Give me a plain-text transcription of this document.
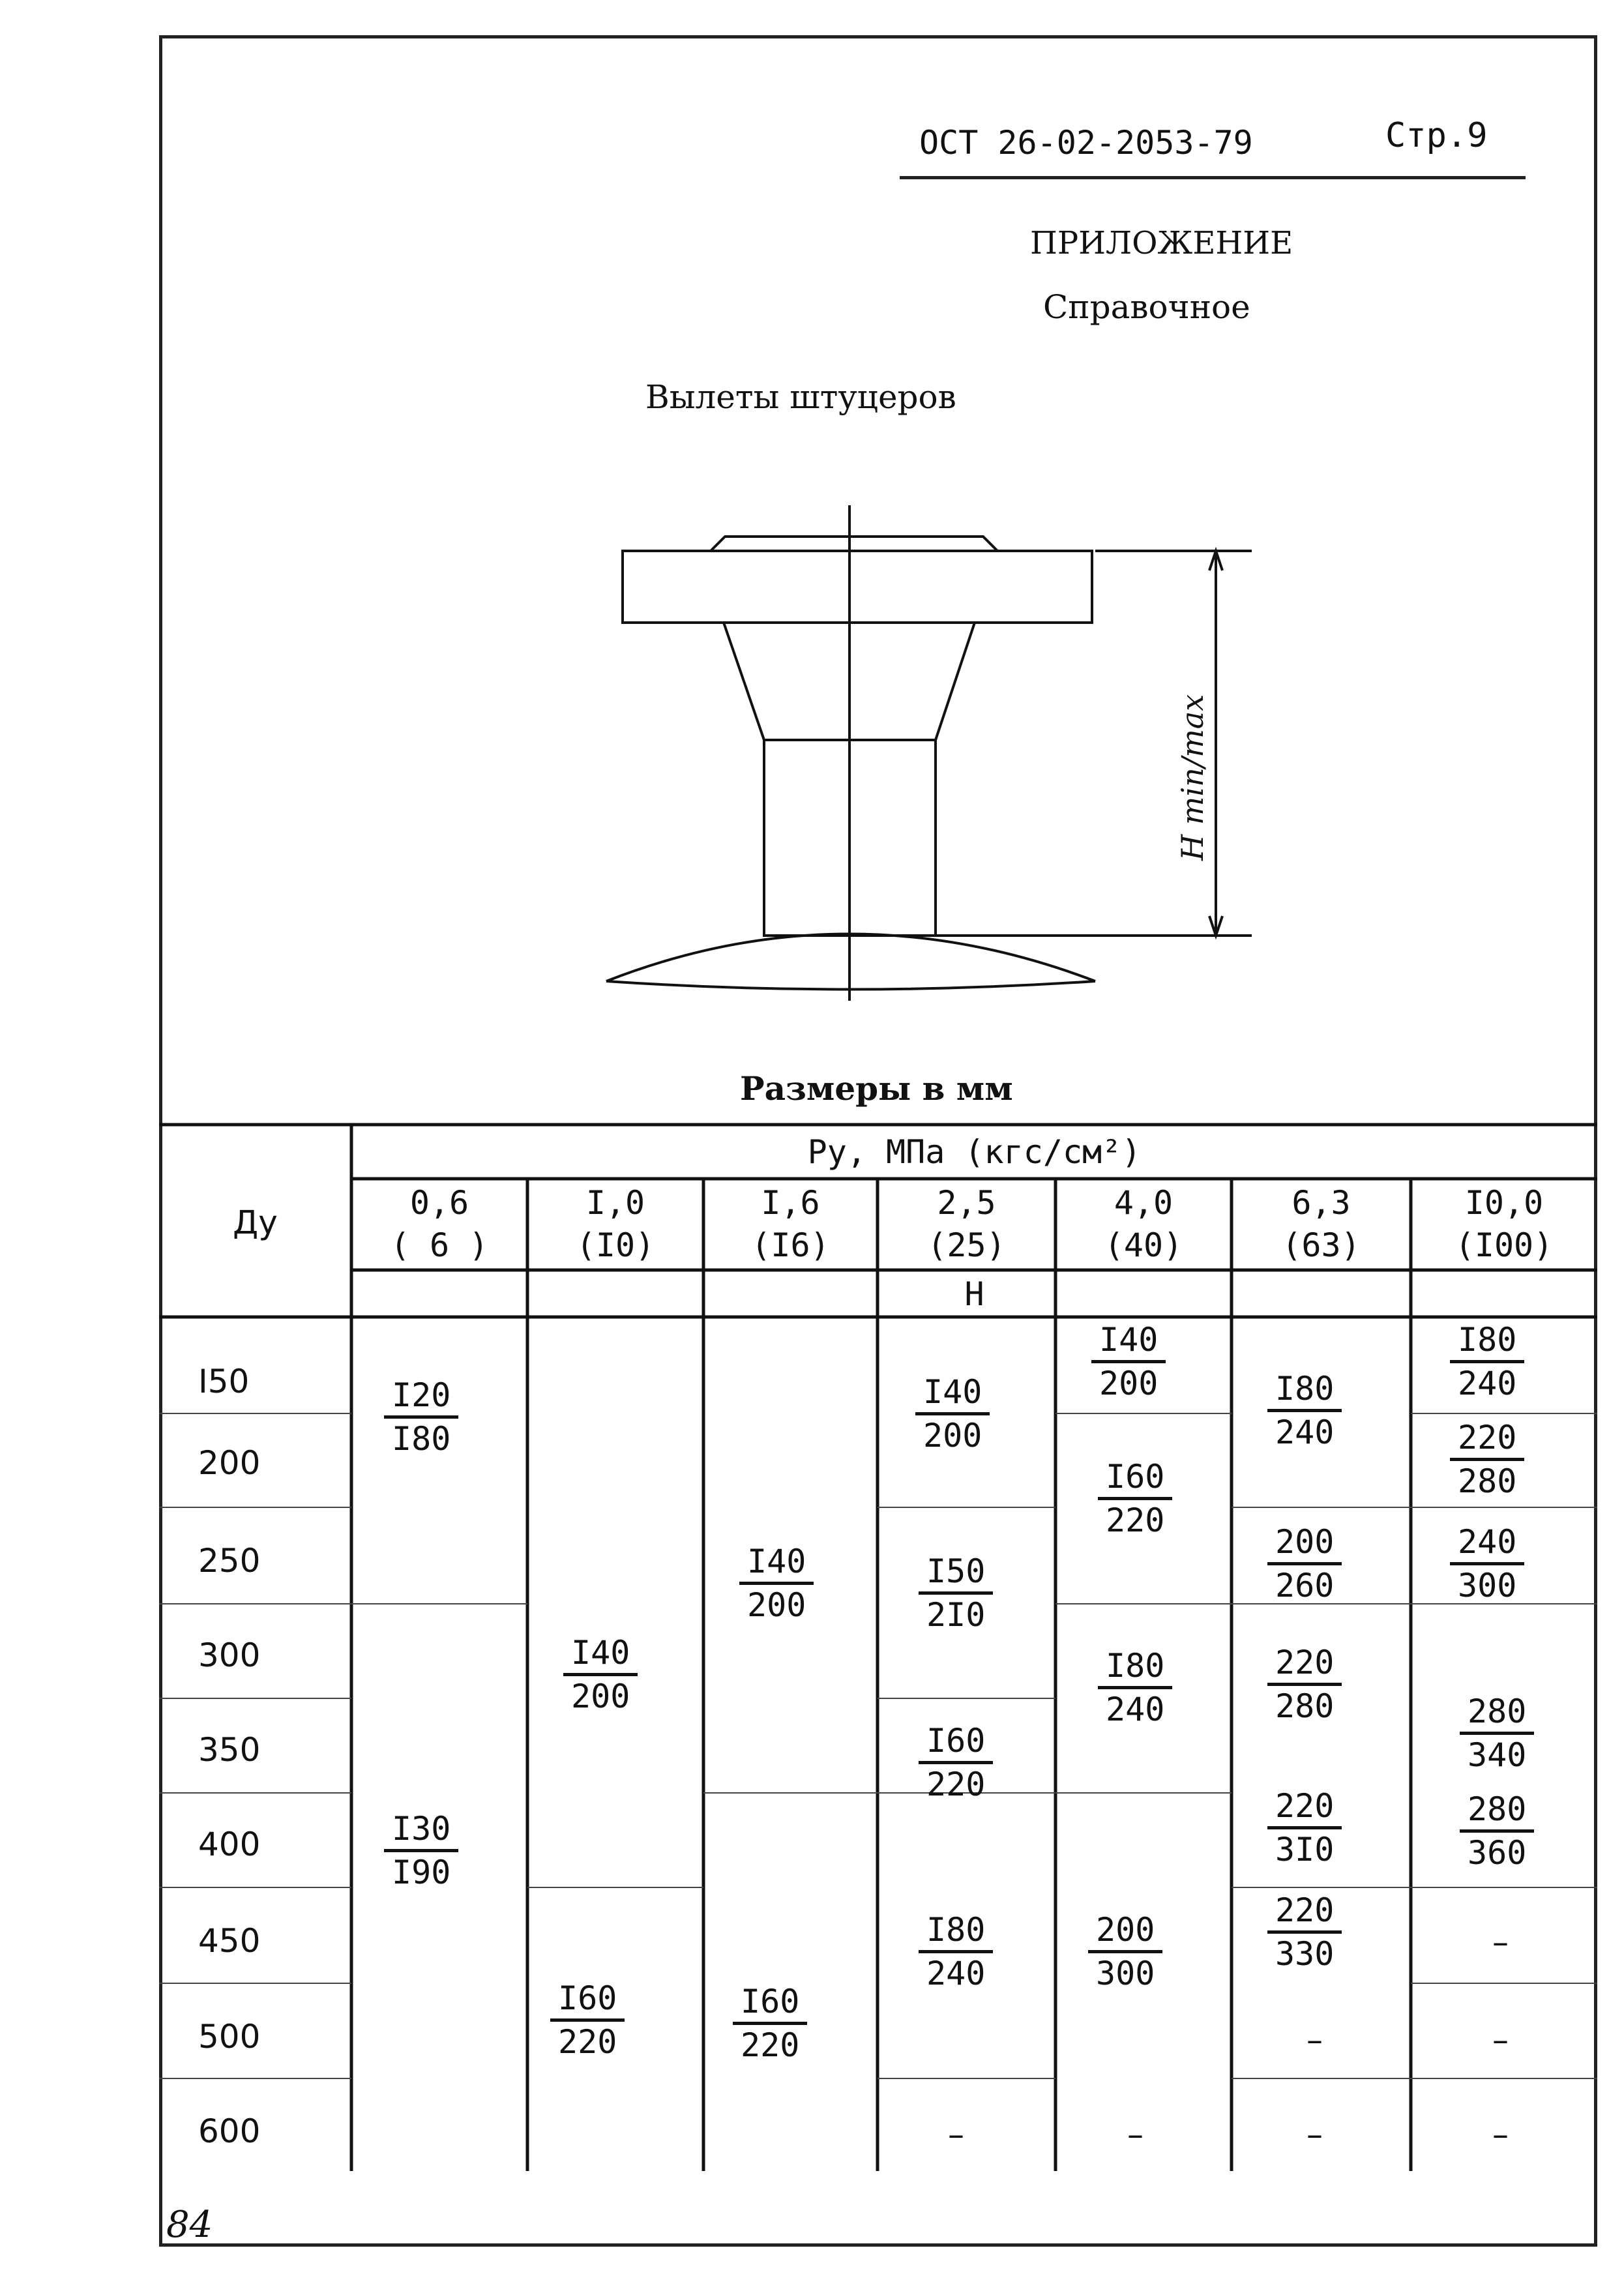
ОСТ 26-02-2053-79	Стр.9
ПРИЛОЖЕНИЕ
Справочное
Вылеты штуцеров
H min/max
Размеры в мм
Ду
Py, МПа (кгс/см²)
Н
0,6
( 6 )
I,0
(I0)
I,6
(I6)
2,5
(25)
4,0
(40)
6,3
(63)
I0,0
(I00)
I50
200
250
300
350
400
450
500
600
$\frac{I20}{I80}$
$\frac{I30}{I90}$
$\frac{I40}{200}$
$\frac{I60}{220}$
$\frac{I40}{200}$
$\frac{I60}{220}$
$\frac{I40}{200}$
$\frac{I50}{2I0}$
$\frac{I60}{220}$
$\frac{I80}{240}$
$\frac{I40}{200}$
$\frac{I60}{220}$
$\frac{I80}{240}$
$\frac{200}{300}$
$\frac{I80}{240}$
$\frac{200}{260}$
$\frac{220}{280}$
$\frac{220}{3I0}$
$\frac{220}{330}$
$\frac{I80}{240}$
$\frac{220}{280}$
$\frac{240}{300}$
$\frac{280}{340}$
$\frac{280}{360}$
–	–
–
–
–
–
–
84
